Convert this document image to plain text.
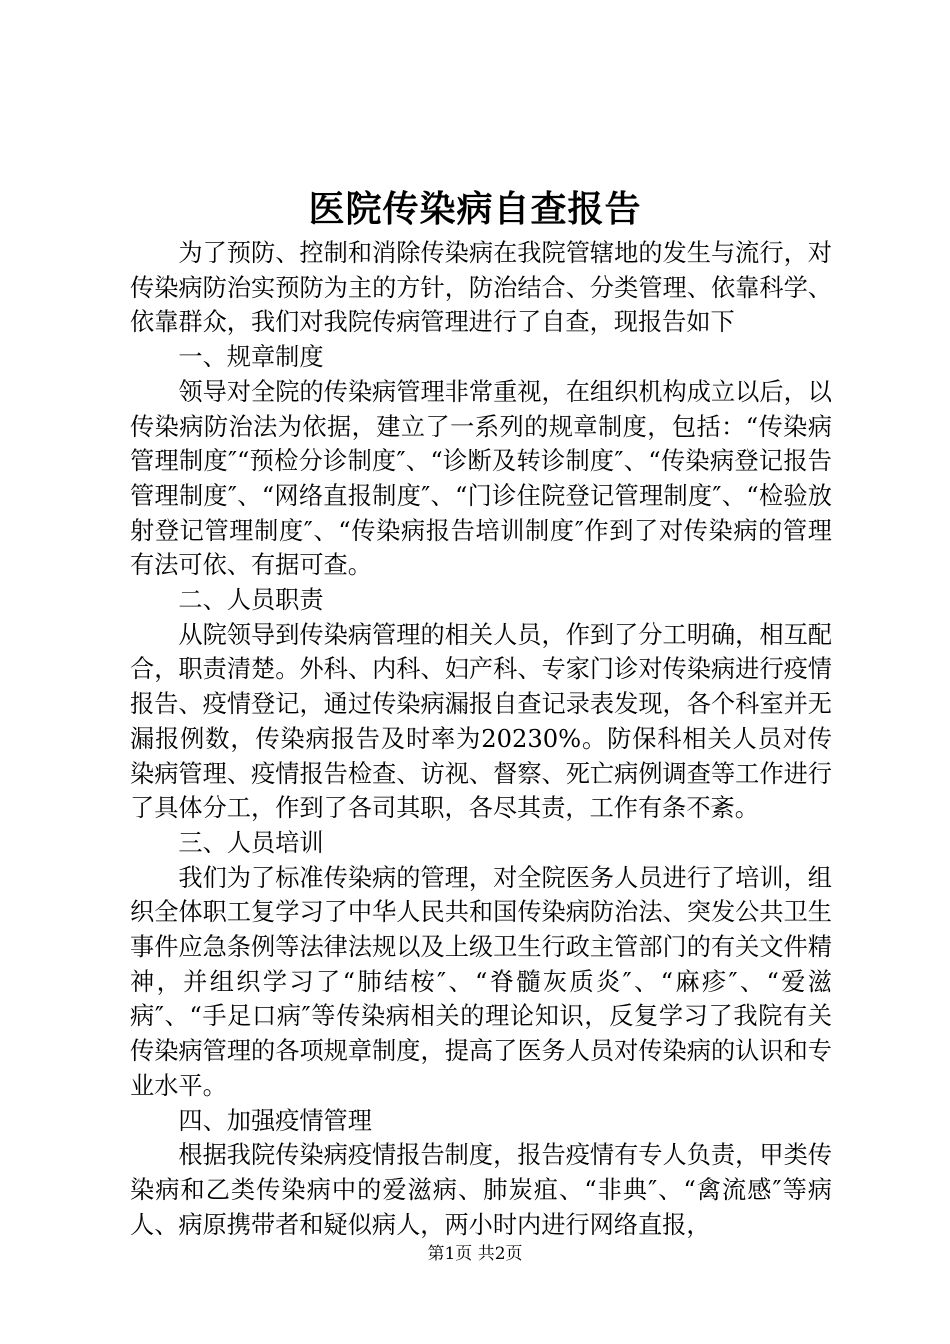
医院传染病自查报告

为了预防、控制和消除传染病在我院管辖地的发生与流行，对传染病防治实预防为主的方针，防治结合、分类管理、依靠科学、依靠群众，我们对我院传病管理进行了自查，现报告如下

一、规章制度

领导对全院的传染病管理非常重视，在组织机构成立以后，以传染病防治法为依据，建立了一系列的规章制度，包括：“传染病管理制度″“预检分诊制度″、“诊断及转诊制度″、“传染病登记报告管理制度″、“网络直报制度″、“门诊住院登记管理制度″、“检验放射登记管理制度″、“传染病报告培训制度″作到了对传染病的管理有法可依、有据可查。

二、人员职责

从院领导到传染病管理的相关人员，作到了分工明确，相互配合，职责清楚。外科、内科、妇产科、专家门诊对传染病进行疫情报告、疫情登记，通过传染病漏报自查记录表发现，各个科室并无漏报例数，传染病报告及时率为20230%。防保科相关人员对传染病管理、疫情报告检查、访视、督察、死亡病例调查等工作进行了具体分工，作到了各司其职，各尽其责，工作有条不紊。

三、人员培训

我们为了标准传染病的管理，对全院医务人员进行了培训，组织全体职工复学习了中华人民共和国传染病防治法、突发公共卫生事件应急条例等法律法规以及上级卫生行政主管部门的有关文件精神，并组织学习了“肺结桉″、“脊髓灰质炎″、“麻疹″、“爱滋病″、“手足口病″等传染病相关的理论知识，反复学习了我院有关传染病管理的各项规章制度，提高了医务人员对传染病的认识和专业水平。

四、加强疫情管理

根据我院传染病疫情报告制度，报告疫情有专人负责，甲类传染病和乙类传染病中的爱滋病、肺炭疽、“非典″、“禽流感″等病人、病原携带者和疑似病人，两小时内进行网络直报，

第1页 共2页
